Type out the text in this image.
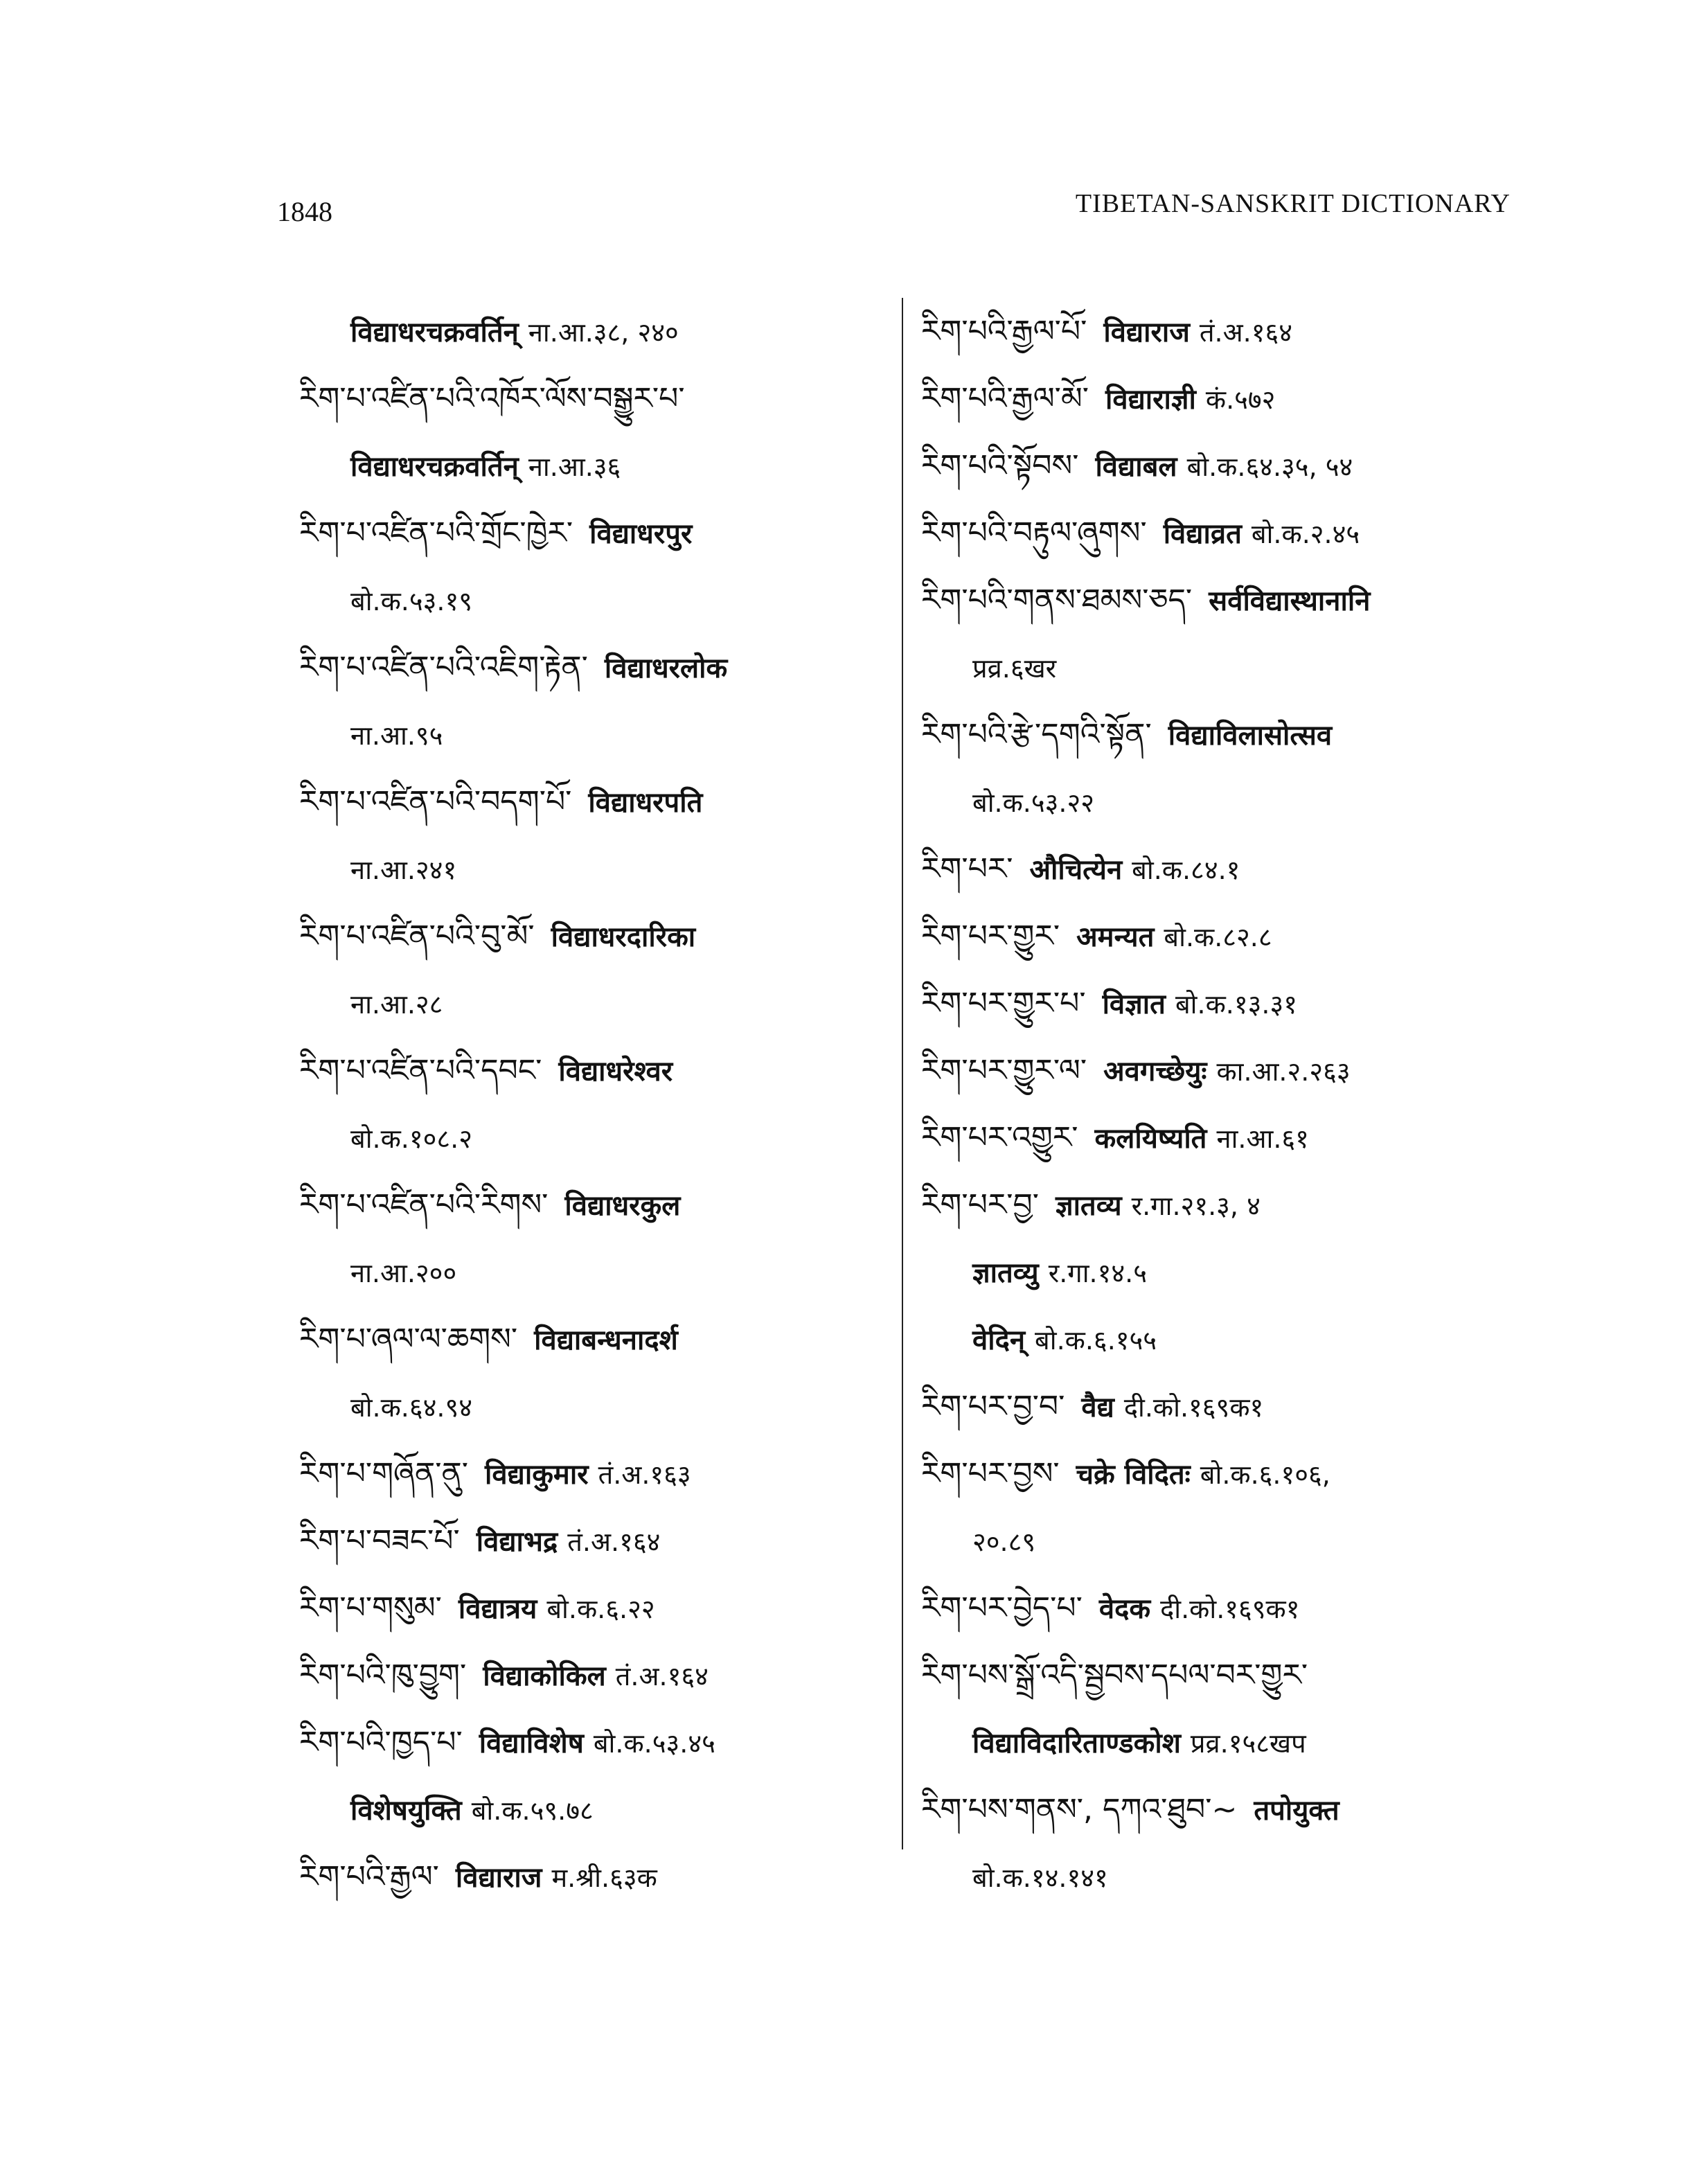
1848	TIBETAN-SANSKRIT DICTIONARY
विद्याधरचक्रवर्तिन् ना.आ.३८, २४०
རིག་པ་འཛིན་པའི་འཁོར་ལོས་བསྒྱུར་པ་
विद्याधरचक्रवर्तिन् ना.आ.३६
རིག་པ་འཛིན་པའི་གྲོང་ཁྱེར་ विद्याधरपुर
बो.क.५३.१९
རིག་པ་འཛིན་པའི་འཇིག་རྟེན་ विद्याधरलोक
ना.आ.९५
རིག་པ་འཛིན་པའི་བདག་པོ་ विद्याधरपति
ना.आ.२४१
རིག་པ་འཛིན་པའི་བུ་མོ་ विद्याधरदारिका
ना.आ.२८
རིག་པ་འཛིན་པའི་དབང་ विद्याधरेश्वर
बो.क.१०८.२
རིག་པ་འཛིན་པའི་རིགས་ विद्याधरकुल
ना.आ.२००
རིག་པ་ཞལ་ལ་ཆགས་ विद्याबन्धनादर्श
बो.क.६४.९४
རིག་པ་གཞོན་ནུ་ विद्याकुमार तं.अ.१६३
རིག་པ་བཟང་པོ་ विद्याभद्र तं.अ.१६४
རིག་པ་གསུམ་ विद्यात्रय बो.क.६.२२
རིག་པའི་ཁུ་བྱུག་ विद्याकोकिल तं.अ.१६४
རིག་པའི་ཁྱད་པ་ विद्याविशेष बो.क.५३.४५
विशेषयुक्ति बो.क.५९.७८
རིག་པའི་རྒྱལ་ विद्याराज म.श्री.६३क
རིག་པའི་རྒྱལ་པོ་ विद्याराज तं.अ.१६४
རིག་པའི་རྒྱལ་མོ་ विद्याराज्ञी कं.५७२
རིག་པའི་སྟོབས་ विद्याबल बो.क.६४.३५, ५४
རིག་པའི་བརྟུལ་ཞུགས་ विद्याव्रत बो.क.२.४५
རིག་པའི་གནས་ཐམས་ཅད་ सर्वविद्यास्थानानि
प्रव्र.६खर
རིག་པའི་རྩེ་དགའི་སྟོན་ विद्याविलासोत्सव
बो.क.५३.२२
རིག་པར་ औचित्येन बो.क.८४.१
རིག་པར་གྱུར་ अमन्यत बो.क.८२.८
རིག་པར་གྱུར་པ་ विज्ञात बो.क.१३.३१
རིག་པར་གྱུར་ལ་ अवगच्छेयुः का.आ.२.२६३
རིག་པར་འགྱུར་ कलयिष्यति ना.आ.६१
རིག་པར་བྱ་ ज्ञातव्य र.गा.२१.३, ४
ज्ञातव्यु र.गा.१४.५
वेदिन् बो.क.६.१५५
རིག་པར་བྱ་བ་ वैद्य दी.को.१६९क१
རིག་པར་བྱས་ चक्रे विदितः बो.क.६.१०६,
२०.८९
རིག་པར་བྱེད་པ་ वेदक दी.को.१६९क१
རིག་པས་སྒྲོ་འདི་སྦྱབས་དཔལ་བར་གྱུར་
विद्याविदारिताण्डकोश प्रव्र.१५८खप
རིག་པས་གནས་, དཀའ་ཐུབ་~ तपोयुक्त
बो.क.१४.१४१
